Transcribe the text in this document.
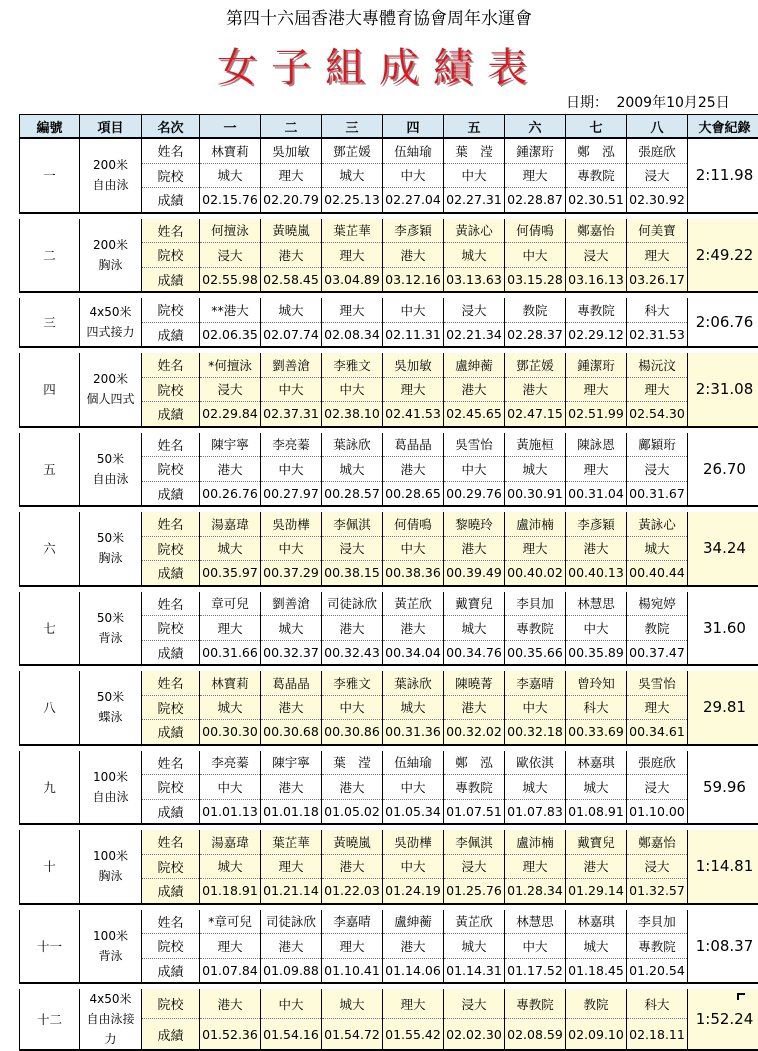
第四十六屆香港大專體育協會周年水運會
女子組成績表
日期： 2009年10月25日
編號	項目	名次	一	二	三	四	五	六	七	八	大會紀錄
一	200米
自由泳	姓名	林寶莉	吳加敏	鄧芷媛	伍紬瑜	葉　滢	鍾潔珩	鄭　泓	張庭欣	2:11.98
		院校	城大	理大	城大	中大	中大	理大	專教院	浸大	
		成績	02.15.76	02.20.79	02.25.13	02.27.04	02.27.31	02.28.87	02.30.51	02.30.92	

二	200米
胸泳	姓名	何擅泳	黃曉嵐	葉芷華	李彥穎	黃詠心	何倩鳴	鄭嘉怡	何美寶	2:49.22
		院校	浸大	港大	理大	港大	城大	中大	浸大	理大	
		成績	02.55.98	02.58.45	03.04.89	03.12.16	03.13.63	03.15.28	03.16.13	03.26.17	

三	4x50米
四式接力	院校	**港大	城大	理大	中大	浸大	教院	專教院	科大	2:06.76
		成績	02.06.35	02.07.74	02.08.34	02.11.31	02.21.34	02.28.37	02.29.12	02.31.53	

四	200米
個人四式	姓名	*何擅泳	劉善滄	李雅文	吳加敏	盧紳蘅	鄧芷媛	鍾潔珩	楊沅汶	2:31.08
		院校	浸大	中大	中大	理大	港大	港大	理大	理大	
		成績	02.29.84	02.37.31	02.38.10	02.41.53	02.45.65	02.47.15	02.51.99	02.54.30	

五	50米
自由泳	姓名	陳宇寧	李亮蓁	葉詠欣	葛晶晶	吳雪怡	黃施桓	陳詠恩	鄺穎珩	26.70
		院校	港大	中大	城大	港大	中大	城大	理大	浸大	
		成績	00.26.76	00.27.97	00.28.57	00.28.65	00.29.76	00.30.91	00.31.04	00.31.67	

六	50米
胸泳	姓名	湯嘉瑋	吳劭樺	李佩淇	何倩鳴	黎曉玲	盧沛楠	李彥穎	黃詠心	34.24
		院校	城大	中大	浸大	中大	港大	理大	港大	城大	
		成績	00.35.97	00.37.29	00.38.15	00.38.36	00.39.49	00.40.02	00.40.13	00.40.44	

七	50米
背泳	姓名	章可兒	劉善滄	司徒詠欣	黃芷欣	戴寶兒	李貝加	林慧思	楊宛婷	31.60
		院校	理大	城大	港大	港大	城大	專教院	中大	教院	
		成績	00.31.66	00.32.37	00.32.43	00.34.04	00.34.76	00.35.66	00.35.89	00.37.47	

八	50米
蝶泳	姓名	林寶莉	葛晶晶	李雅文	葉詠欣	陳曉菁	李嘉晴	曾玲知	吳雪怡	29.81
		院校	城大	港大	中大	城大	港大	中大	科大	理大	
		成績	00.30.30	00.30.68	00.30.86	00.31.36	00.32.02	00.32.18	00.33.69	00.34.61	

九	100米
自由泳	姓名	李亮蓁	陳宇寧	葉　滢	伍紬瑜	鄭　泓	歐依淇	林嘉琪	張庭欣	59.96
		院校	中大	港大	港大	中大	專教院	城大	城大	浸大	
		成績	01.01.13	01.01.18	01.05.02	01.05.34	01.07.51	01.07.83	01.08.91	01.10.00	

十	100米
胸泳	姓名	湯嘉瑋	葉芷華	黃曉嵐	吳劭樺	李佩淇	盧沛楠	戴寶兒	鄭嘉怡	1:14.81
		院校	城大	理大	港大	中大	浸大	理大	港大	浸大	
		成績	01.18.91	01.21.14	01.22.03	01.24.19	01.25.76	01.28.34	01.29.14	01.32.57	

十一	100米
背泳	姓名	*章可兒	司徒詠欣	李嘉晴	盧紳蘅	黃芷欣	林慧思	林嘉琪	李貝加	1:08.37
		院校	理大	港大	理大	港大	城大	中大	城大	專教院	
		成績	01.07.84	01.09.88	01.10.41	01.14.06	01.14.31	01.17.52	01.18.45	01.20.54	

十二	4x50米
自由泳接
力	院校	港大	中大	城大	理大	浸大	專教院	教院	科大	1:52.24
		成績	01.52.36	01.54.16	01.54.72	01.55.42	02.02.30	02.08.59	02.09.10	02.18.11	
